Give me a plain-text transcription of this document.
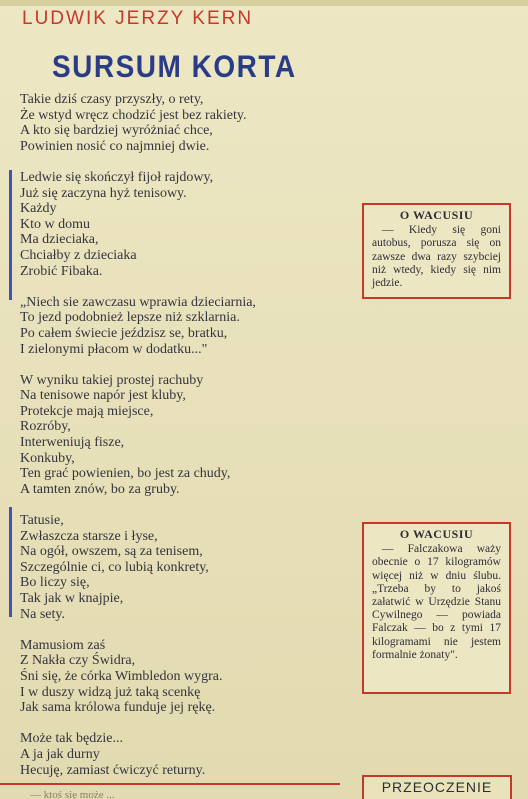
LUDWIK JERZY KERN
SURSUM KORTA
Takie dziś czasy przyszły, o rety,
Że wstyd wręcz chodzić jest bez rakiety.
A kto się bardziej wyróżniać chce,
Powinien nosić co najmniej dwie.
Ledwie się skończył fijoł rajdowy,
Już się zaczyna hyż tenisowy.
Każdy
Kto w domu
Ma dzieciaka,
Chciałby z dzieciaka
Zrobić Fibaka.
„Niech sie zawczasu wprawia dzieciarnia,
To jezd podobnież lepsze niż szklarnia.
Po całem świecie jeździsz se, bratku,
I zielonymi płacom w dodatku..."
W wyniku takiej prostej rachuby
Na tenisowe napór jest kluby,
Protekcje mają miejsce,
Rozróby,
Interweniują fisze,
Konkuby,
Ten grać powienien, bo jest za chudy,
A tamten znów, bo za gruby.
Tatusie,
Zwłaszcza starsze i łyse,
Na ogół, owszem, są za tenisem,
Szczególnie ci, co lubią konkrety,
Bo liczy się,
Tak jak w knajpie,
Na sety.
Mamusiom zaś
Z Nakła czy Świdra,
Śni się, że córka Wimbledon wygra.
I w duszy widzą już taką scenkę
Jak sama królowa funduje jej rękę.
Może tak będzie...
A ja jak durny
Hecuję, zamiast ćwiczyć returny.
O WACUSIU
— Kiedy się goni autobus, porusza się on zawsze dwa razy szybciej niż wtedy, kiedy się nim jedzie.
O WACUSIU
— Falczakowa waży obecnie o 17 kilogramów więcej niż w dniu ślubu. „Trzeba by to jakoś załatwić w Urzędzie Stanu Cywilnego — powiada Falczak — bo z tymi 17 kilogramami nie jestem formalnie żonaty".
— ktoś się może ...	PRZEOCZENIE
